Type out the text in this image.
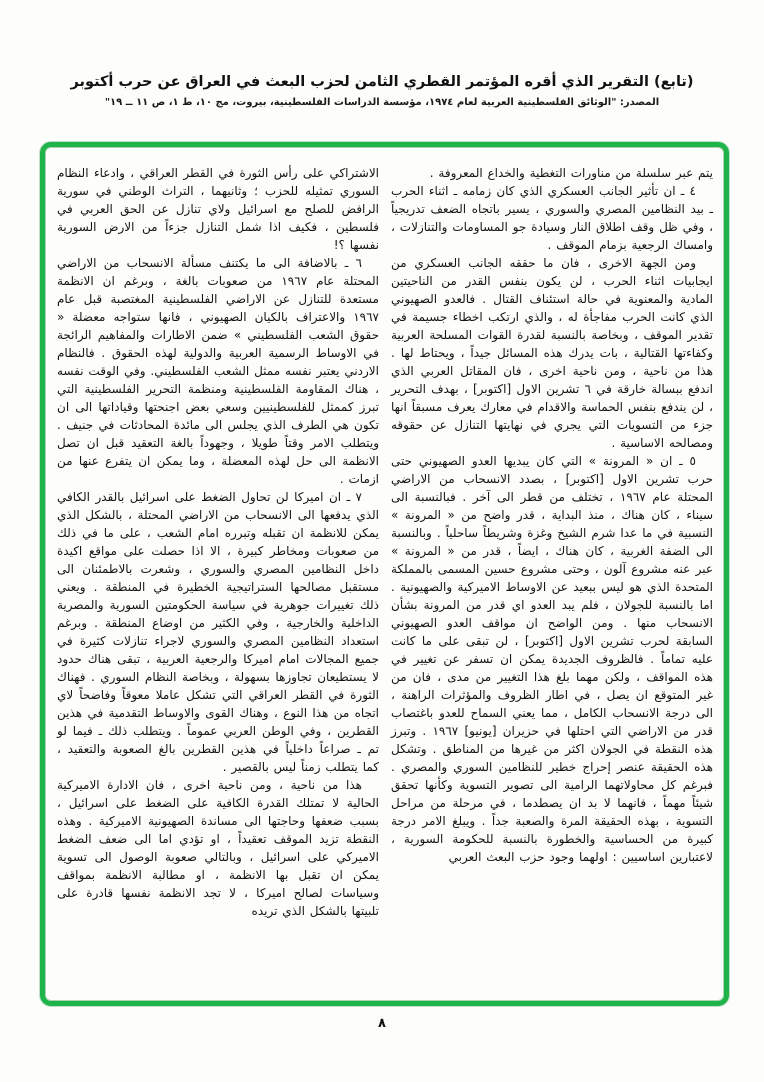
(تابع) التقرير الذي أقره المؤتمر القطري الثامن لحزب البعث في العراق عن حرب أكتوبر
المصدر: "الوثائق الفلسطينية العربية لعام ١٩٧٤، مؤسسة الدراسات الفلسطينية، بيروت، مج ١٠، ط ١، ص ١١ ــ ١٩"

يتم عبر سلسلة من مناورات التغطية والخداع المعروفة .

٤ ـ ان تأثير الجانب العسكري الذي كان زمامه ـ اثناء الحرب ـ بيد النظامين المصري والسوري ، يسير باتجاه الضعف تدريجياً ، وفي ظل وقف اطلاق النار وسيادة جو المساومات والتنازلات ، وامساك الرجعية بزمام الموقف .

ومن الجهة الاخرى ، فان ما حققه الجانب العسكري من ايجابيات اثناء الحرب ، لن يكون بنفس القدر من الناحيتين المادية والمعنوية في حالة استئناف القتال . فالعدو الصهيوني الذي كانت الحرب مفاجأة له ، والذي ارتكب اخطاء جسيمة في تقدير الموقف ، وبخاصة بالنسبة لقدرة القوات المسلحة العربية وكفاءتها القتالية ، بات يدرك هذه المسائل جيداً ، ويحتاط لها . هذا من ناحية ، ومن ناحية اخرى ، فان المقاتل العربي الذي اندفع ببسالة خارقة في ٦ تشرين الاول [اكتوبر] ، بهدف التحرير ، لن يندفع بنفس الحماسة والاقدام في معارك يعرف مسبقاً انها جزء من التسويات التي يجري في نهايتها التنازل عن حقوقه ومصالحه الاساسية .

٥ ـ ان « المرونة » التي كان يبديها العدو الصهيوني حتى حرب تشرين الاول [اكتوبر] ، بصدد الانسحاب من الاراضي المحتلة عام ١٩٦٧ ، تختلف من قطر الى آخر . فبالنسبة الى سيناء ، كان هناك ، منذ البداية ، قدر واضح من « المرونة » النسبية في ما عدا شرم الشيخ وغزة وشريطاً ساحلياً . وبالنسبة الى الضفة الغربية ، كان هناك ، ايضاً ، قدر من « المرونة » عبر عنه مشروع آلون ، وحتى مشروع حسين المسمى بالمملكة المتحدة الذي هو ليس ببعيد عن الاوساط الاميركية والصهيونية . اما بالنسبة للجولان ، فلم يبد العدو اي قدر من المرونة بشأن الانسحاب منها . ومن الواضح ان مواقف العدو الصهيوني السابقة لحرب تشرين الاول [اكتوبر] ، لن تبقى على ما كانت عليه تماماً . فالظروف الجديدة يمكن ان تسفر عن تغيير في هذه المواقف ، ولكن مهما بلغ هذا التغيير من مدى ، فان من غير المتوقع ان يصل ، في اطار الظروف والمؤثرات الراهنة ، الى درجة الانسحاب الكامل ، مما يعني السماح للعدو باغتصاب قدر من الاراضي التي احتلها في حزيران [يونيو] ١٩٦٧ . وتبرز هذه النقطة في الجولان اكثر من غيرها من المناطق . وتشكل هذه الحقيقة عنصر إحراج خطير للنظامين السوري والمصري . فبرغم كل محاولاتهما الرامية الى تصوير التسوية وكأنها تحقق شيئاً مهماً ، فانهما لا بد ان يصطدما ، في مرحلة من مراحل التسوية ، بهذه الحقيقة المرة والصعبة جداً . ويبلغ الامر درجة كبيرة من الحساسية والخطورة بالنسبة للحكومة السورية ، لاعتبارين اساسيين : اولهما وجود حزب البعث العربي

الاشتراكي على رأس الثورة في القطر العراقي ، وادعاء النظام السوري تمثيله للحزب ؛ وثانيهما ، التراث الوطني في سورية الرافض للصلح مع اسرائيل ولاي تنازل عن الحق العربي في فلسطين ، فكيف اذا شمل التنازل جزءاً من الارض السورية نفسها ؟!

٦ ـ بالاضافة الى ما يكتنف مسألة الانسحاب من الاراضي المحتلة عام ١٩٦٧ من صعوبات بالغة ، وبرغم ان الانظمة مستعدة للتنازل عن الاراضي الفلسطينية المغتصبة قبل عام ١٩٦٧ والاعتراف بالكيان الصهيوني ، فانها ستواجه معضلة « حقوق الشعب الفلسطيني » ضمن الاطارات والمفاهيم الرائجة في الاوساط الرسمية العربية والدولية لهذه الحقوق . فالنظام الاردني يعتبر نفسه ممثل الشعب الفلسطيني. وفي الوقت نفسه ، هناك المقاومة الفلسطينية ومنظمة التحرير الفلسطينية التي تبرز كممثل للفلسطينيين وسعي بعض اجنحتها وقياداتها الى ان تكون هي الطرف الذي يجلس الى مائدة المحادثات في جنيف . ويتطلب الامر وقتاً طويلا ، وجهوداً بالغة التعقيد قبل ان تصل الانظمة الى حل لهذه المعضلة ، وما يمكن ان يتفرع عنها من ازمات .

٧ ـ ان اميركا لن تحاول الضغط على اسرائيل بالقدر الكافي الذي يدفعها الى الانسحاب من الاراضي المحتلة ، بالشكل الذي يمكن للانظمة ان تقبله وتبرره امام الشعب ، على ما في ذلك من صعوبات ومخاطر كبيرة ، الا اذا حصلت على مواقع اكيدة داخل النظامين المصري والسوري ، وشعرت بالاطمئنان الى مستقبل مصالحها الستراتيجية الخطيرة في المنطقة . ويعني ذلك تغييرات جوهرية في سياسة الحكومتين السورية والمصرية الداخلية والخارجية ، وفي الكثير من اوضاع المنطقة . وبرغم استعداد النظامين المصري والسوري لاجراء تنازلات كثيرة في جميع المجالات امام اميركا والرجعية العربية ، تبقى هناك حدود لا يستطيعان تجاوزها بسهولة ، وبخاصة النظام السوري . فهناك الثورة في القطر العراقي التي تشكل عاملا معوقاً وفاضحاً لاي اتجاه من هذا النوع ، وهناك القوى والاوساط التقدمية في هذين القطرين ، وفي الوطن العربي عموماً . ويتطلب ذلك ـ فيما لو تم ـ صراعاً داخلياً في هذين القطرين بالغ الصعوبة والتعقيد ، كما يتطلب زمناً ليس بالقصير .

هذا من ناحية ، ومن ناحية اخرى ، فان الادارة الاميركية الحالية لا تمتلك القدرة الكافية على الضغط على اسرائيل ، بسبب ضعفها وحاجتها الى مساندة الصهيونية الاميركية . وهذه النقطة تزيد الموقف تعقيداً ، او تؤدي اما الى ضعف الضغط الاميركي على اسرائيل ، وبالتالي صعوبة الوصول الى تسوية يمكن ان تقبل بها الانظمة ، او مطالبة الانظمة بمواقف وسياسات لصالح اميركا ، لا تجد الانظمة نفسها قادرة على تلبيتها بالشكل الذي تريده

٨
